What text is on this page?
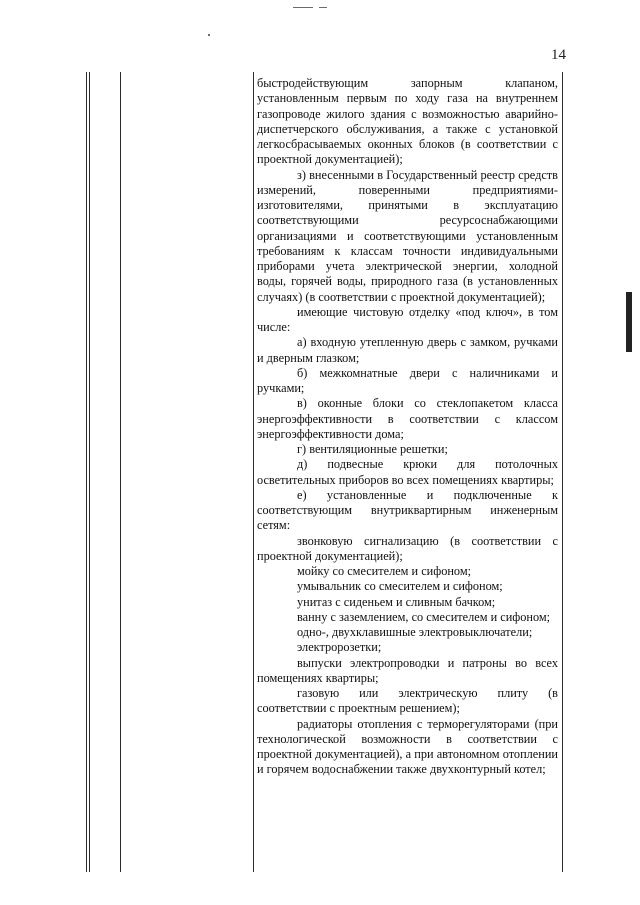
14

быстродействующим запорным клапаном, установленным первым по ходу газа на внутреннем газопроводе жилого здания с возможностью аварийно-диспетчерского обслуживания, а также с установкой легкосбрасываемых оконных блоков (в соответствии с проектной документацией);

з) внесенными в Государственный реестр средств измерений, поверенными предприятиями-изготовителями, принятыми в эксплуатацию соответствующими ресурсоснабжающими организациями и соответствующими установленным требованиям к классам точности индивидуальными приборами учета электрической энергии, холодной воды, горячей воды, природного газа (в установленных случаях) (в соответствии с проектной документацией);

имеющие чистовую отделку «под ключ», в том числе:

а) входную утепленную дверь с замком, ручками и дверным глазком;

б) межкомнатные двери с наличниками и ручками;

в) оконные блоки со стеклопакетом класса энергоэффективности в соответствии с классом энергоэффективности дома;

г) вентиляционные решетки;

д) подвесные крюки для потолочных осветительных приборов во всех помещениях квартиры;

е) установленные и подключенные к соответствующим внутриквартирным инженерным сетям:

звонковую сигнализацию (в соответствии с проектной документацией);

мойку со смесителем и сифоном;

умывальник со смесителем и сифоном;

унитаз с сиденьем и сливным бачком;

ванну с заземлением, со смесителем и сифоном;

одно-, двухклавишные электровыключатели;

электророзетки;

выпуски электропроводки и патроны во всех помещениях квартиры;

газовую или электрическую плиту (в соответствии с проектным решением);

радиаторы отопления с терморегуляторами (при технологической возможности в соответствии с проектной документацией), а при автономном отоплении и горячем водоснабжении также двухконтурный котел;
